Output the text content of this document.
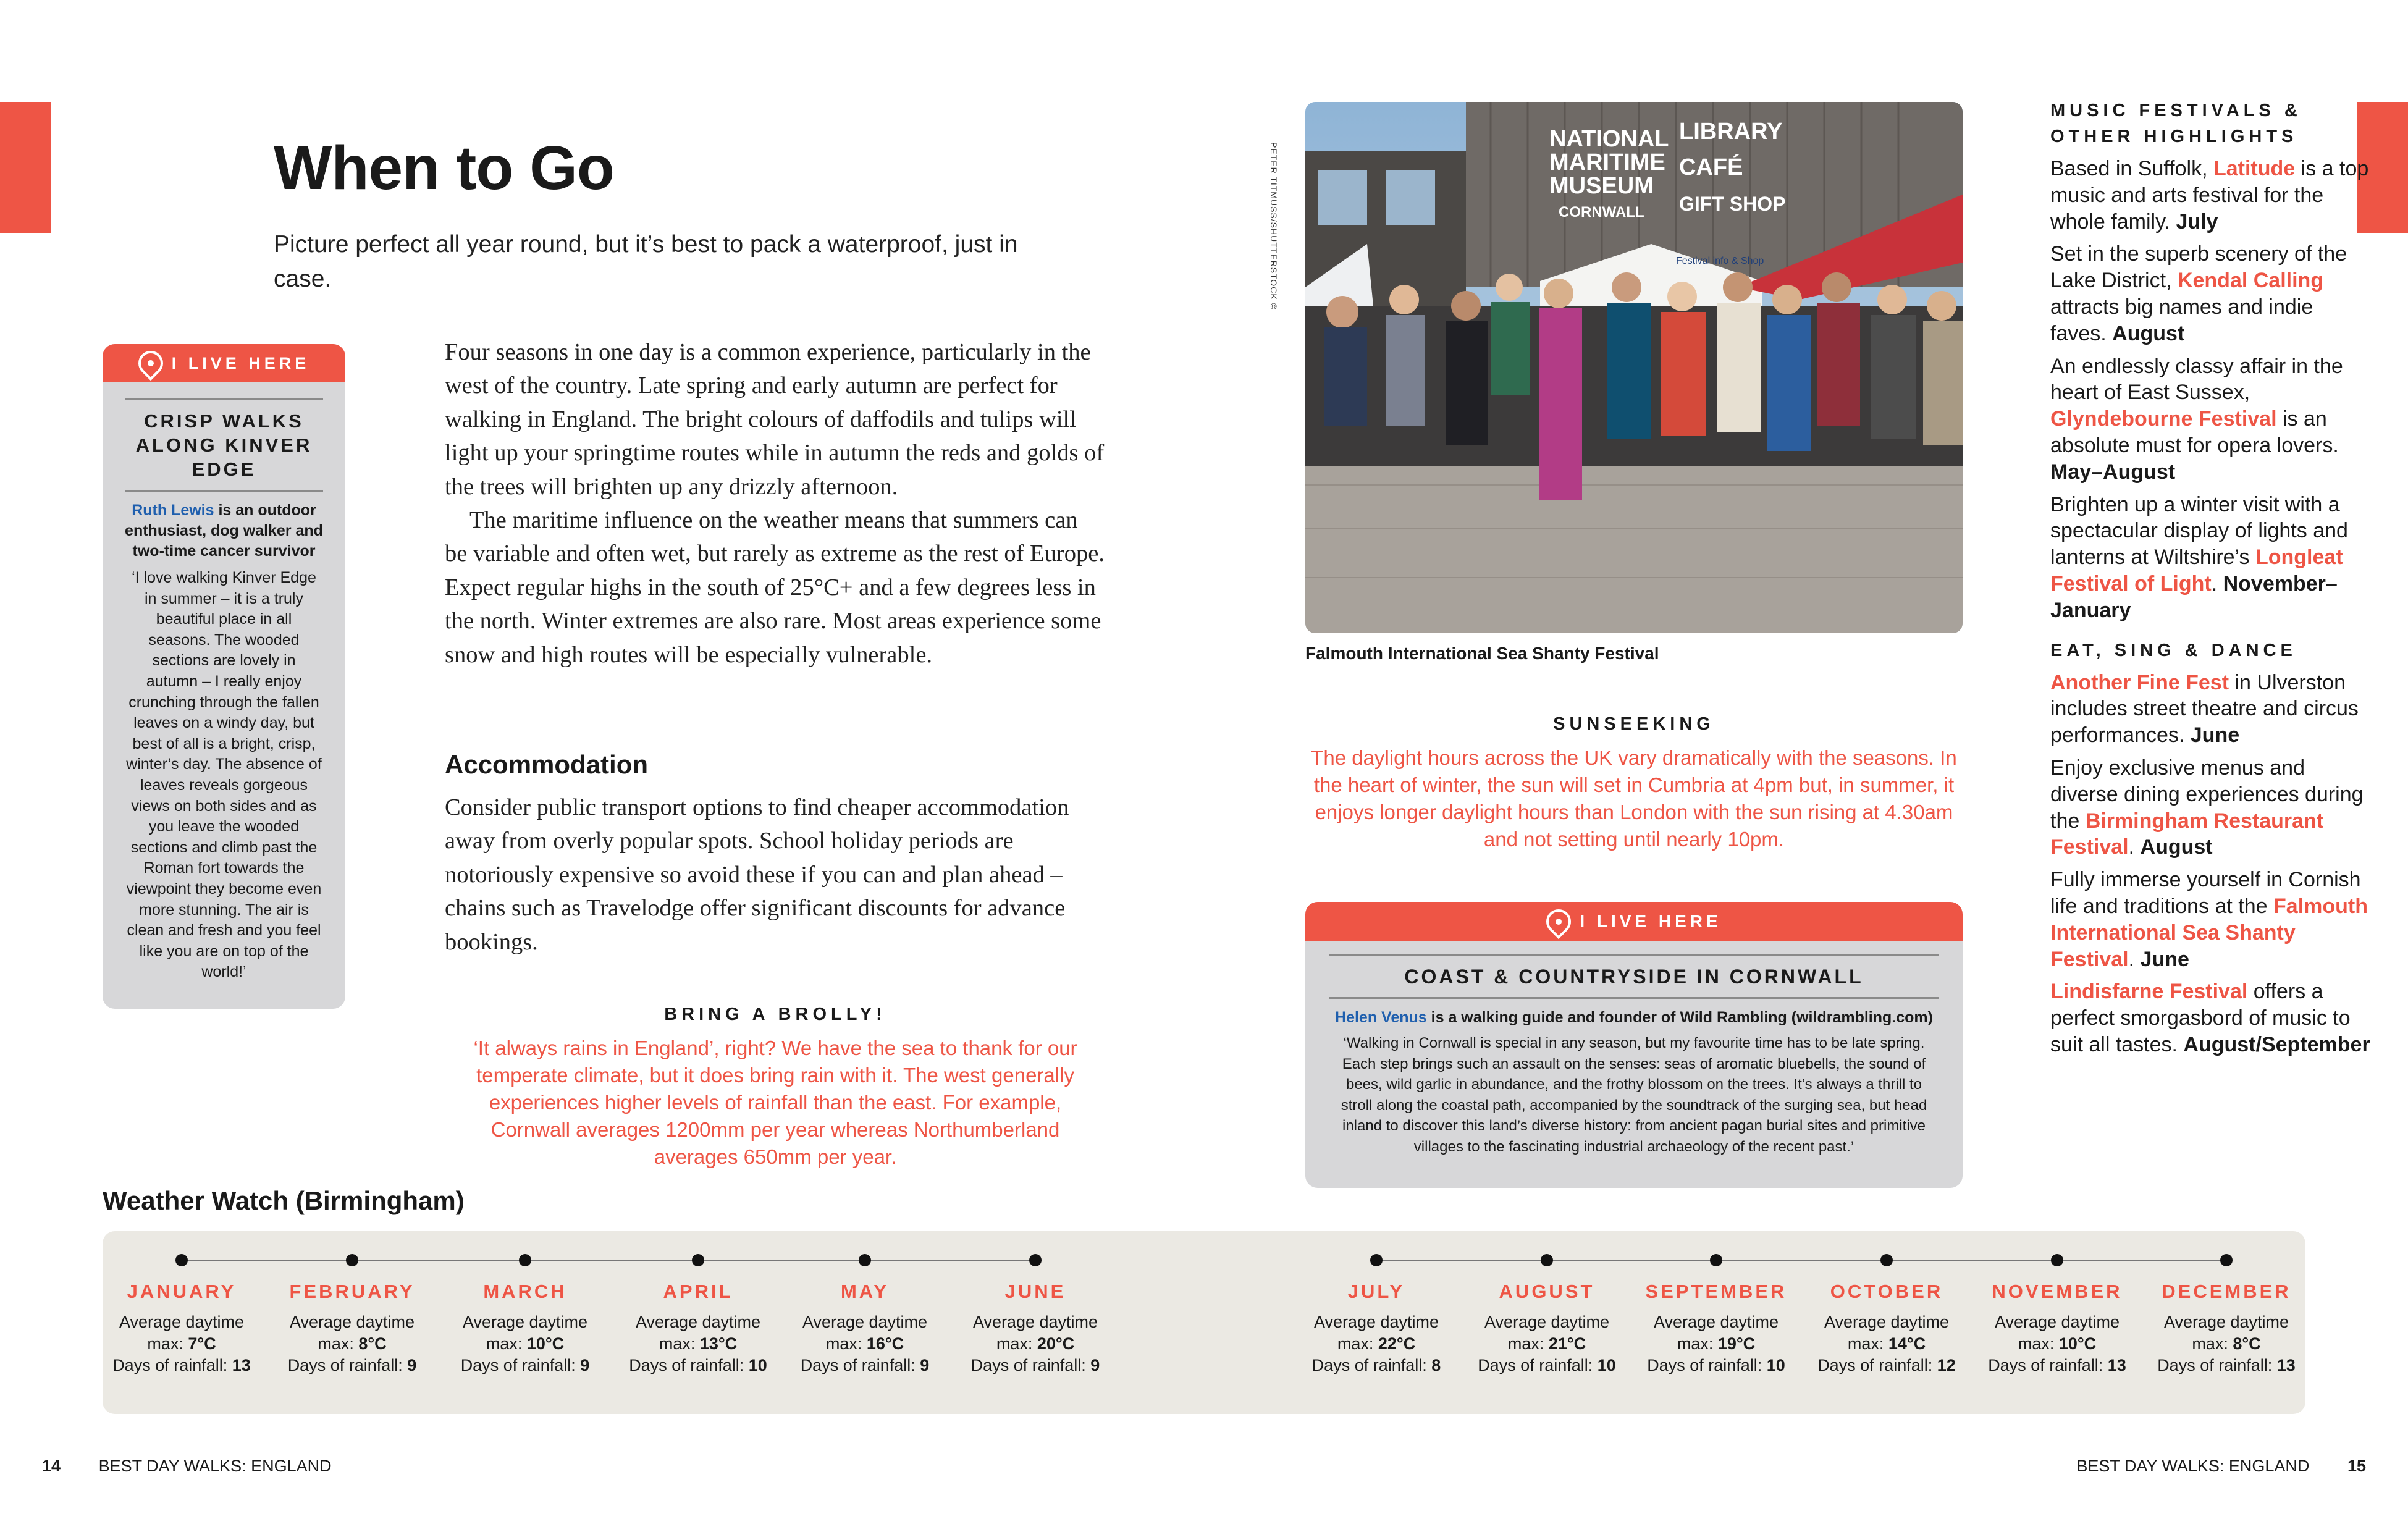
When to Go

Picture perfect all year round, but it’s best to pack a waterproof, just in case.

I LIVE HERE
CRISP WALKS ALONG KINVER EDGE
Ruth Lewis is an outdoor enthusiast, dog walker and two-time cancer survivor
‘I love walking Kinver Edge in summer – it is a truly beautiful place in all seasons. The wooded sections are lovely in autumn – I really enjoy crunching through the fallen leaves on a windy day, but best of all is a bright, crisp, winter’s day. The absence of leaves reveals gorgeous views on both sides and as you leave the wooded sections and climb past the Roman fort towards the viewpoint they become even more stunning. The air is clean and fresh and you feel like you are on top of the world!’

Four seasons in one day is a common experience, particularly in the west of the country. Late spring and early autumn are perfect for walking in England. The bright colours of daffodils and tulips will light up your springtime routes while in autumn the reds and golds of the trees will brighten up any drizzly afternoon.

The maritime influence on the weather means that summers can be variable and often wet, but rarely as extreme as the rest of Europe. Expect regular highs in the south of 25°C+ and a few degrees less in the north. Winter extremes are also rare. Most areas experience some snow and high routes will be especially vulnerable.

Accommodation

Consider public transport options to find cheaper accommodation away from overly popular spots. School holiday periods are notoriously expensive so avoid these if you can and plan ahead – chains such as Travelodge offer significant discounts for advance bookings.

BRING A BROLLY!
‘It always rains in England’, right? We have the sea to thank for our temperate climate, but it does bring rain with it. The west generally experiences higher levels of rainfall than the east. For example, Cornwall averages 1200mm per year whereas Northumberland averages 650mm per year.
PETER TITMUSS/SHUTTERSTOCK ©
NATIONAL
MARITIME
MUSEUM
CORNWALL
LIBRARY
CAFÉ
GIFT SHOP
Festival info & Shop
Falmouth International Sea Shanty Festival
SUNSEEKING
The daylight hours across the UK vary dramatically with the seasons. In the heart of winter, the sun will set in Cumbria at 4pm but, in summer, it enjoys longer daylight hours than London with the sun rising at 4.30am and not setting until nearly 10pm.
I LIVE HERE
COAST & COUNTRYSIDE IN CORNWALL
Helen Venus is a walking guide and founder of Wild Rambling (wildrambling.com)
‘Walking in Cornwall is special in any season, but my favourite time has to be late spring. Each step brings such an assault on the senses: seas of aromatic bluebells, the sound of bees, wild garlic in abundance, and the frothy blossom on the trees. It’s always a thrill to stroll along the coastal path, accompanied by the soundtrack of the surging sea, but head inland to discover this land’s diverse history: from ancient pagan burial sites and primitive villages to the fascinating industrial archaeology of the recent past.’
MUSIC FESTIVALS & OTHER HIGHLIGHTS
Based in Suffolk, Latitude is a top music and arts festival for the whole family. July
Set in the superb scenery of the Lake District, Kendal Calling attracts big names and indie faves. August
An endlessly classy affair in the heart of East Sussex, Glyndebourne Festival is an absolute must for opera lovers. May–August
Brighten up a winter visit with a spectacular display of lights and lanterns at Wiltshire’s Longleat Festival of Light. November–January
EAT, SING & DANCE
Another Fine Fest in Ulverston includes street theatre and circus performances. June
Enjoy exclusive menus and diverse dining experiences during the Birmingham Restaurant Festival. August
Fully immerse yourself in Cornish life and traditions at the Falmouth International Sea Shanty Festival. June
Lindisfarne Festival offers a perfect smorgasbord of music to suit all tastes. August/September
Weather Watch (Birmingham)
JANUARY
Average daytime max: 7°C
Days of rainfall: 13
FEBRUARY
Average daytime max: 8°C
Days of rainfall: 9
MARCH
Average daytime max: 10°C
Days of rainfall: 9
APRIL
Average daytime max: 13°C
Days of rainfall: 10
MAY
Average daytime max: 16°C
Days of rainfall: 9
JUNE
Average daytime max: 20°C
Days of rainfall: 9
JULY
Average daytime max: 22°C
Days of rainfall: 8
AUGUST
Average daytime max: 21°C
Days of rainfall: 10
SEPTEMBER
Average daytime max: 19°C
Days of rainfall: 10
OCTOBER
Average daytime max: 14°C
Days of rainfall: 12
NOVEMBER
Average daytime max: 10°C
Days of rainfall: 13
DECEMBER
Average daytime max: 8°C
Days of rainfall: 13
14 BEST DAY WALKS: ENGLAND	BEST DAY WALKS: ENGLAND 15
